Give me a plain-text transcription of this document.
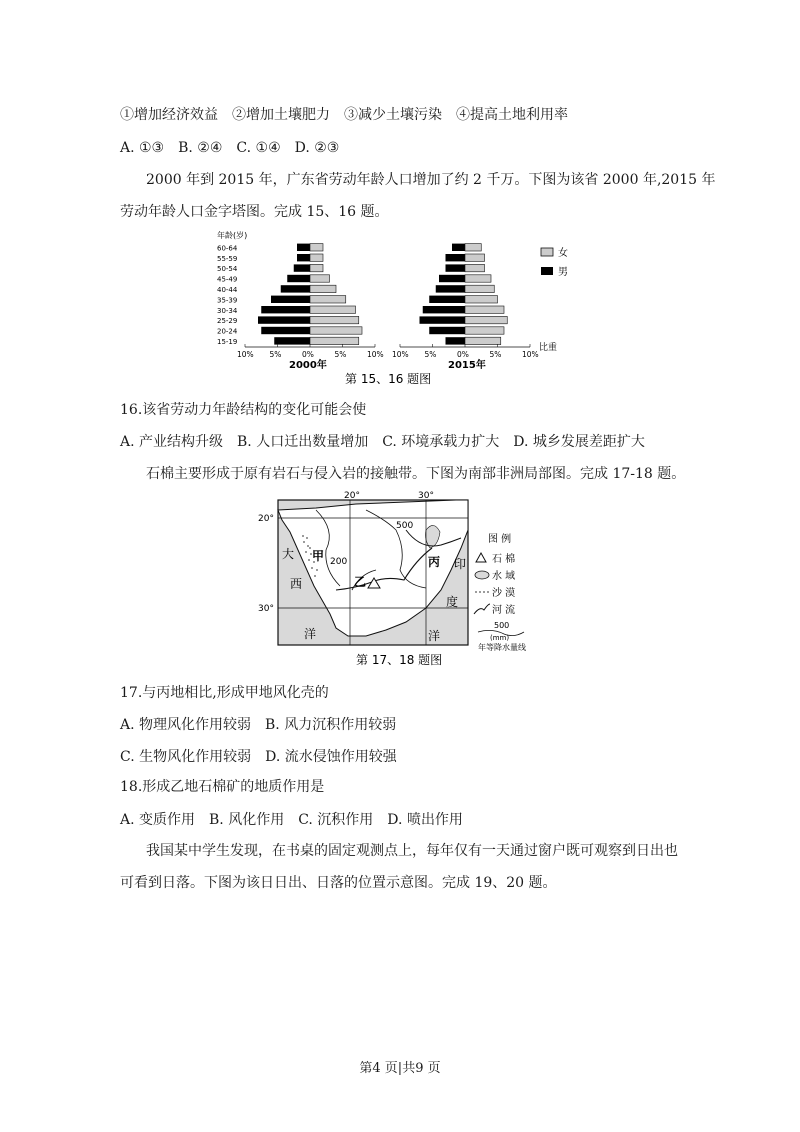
①增加经济效益　②增加土壤肥力　③减少土壤污染　④提高土地利用率
A. ①③　B. ②④　C. ①④　D. ②③
2000 年到 2015 年，广东省劳动年龄人口增加了约 2 千万。下图为该省 2000 年,2015 年
劳动年龄人口金字塔图。完成 15、16 题。
年龄(岁)
15-19
20-24
25-29
30-34
35-39
40-44
45-49
50-54
55-59
60-64
10% 5%	0%	5%	10% 10% 5%	0%	5%	10%
女
男
比重
2000年	2015年
第 15、16 题图
16.该省劳动力年龄结构的变化可能会使
A. 产业结构升级　B. 人口迁出数量增加　C. 环境承载力扩大　D. 城乡发展差距扩大
石棉主要形成于原有岩石与侵入岩的接触带。下图为南部非洲局部图。完成 17-18 题。
20°	30°
20°
30°
500
200
大
西
洋
印
度
洋
甲
乙
丙
图 例
石 棉
水 域
沙 漠
河 流
500
(mm)
年等降水量线
第 17、18 题图
17.与丙地相比,形成甲地风化壳的
A. 物理风化作用较弱　B. 风力沉积作用较弱
C. 生物风化作用较弱　D. 流水侵蚀作用较强
18.形成乙地石棉矿的地质作用是
A. 变质作用　B. 风化作用　C. 沉积作用　D. 喷出作用
我国某中学生发现，在书桌的固定观测点上，每年仅有一天通过窗户既可观察到日出也
可看到日落。下图为该日日出、日落的位置示意图。完成 19、20 题。
第4 页|共9 页
